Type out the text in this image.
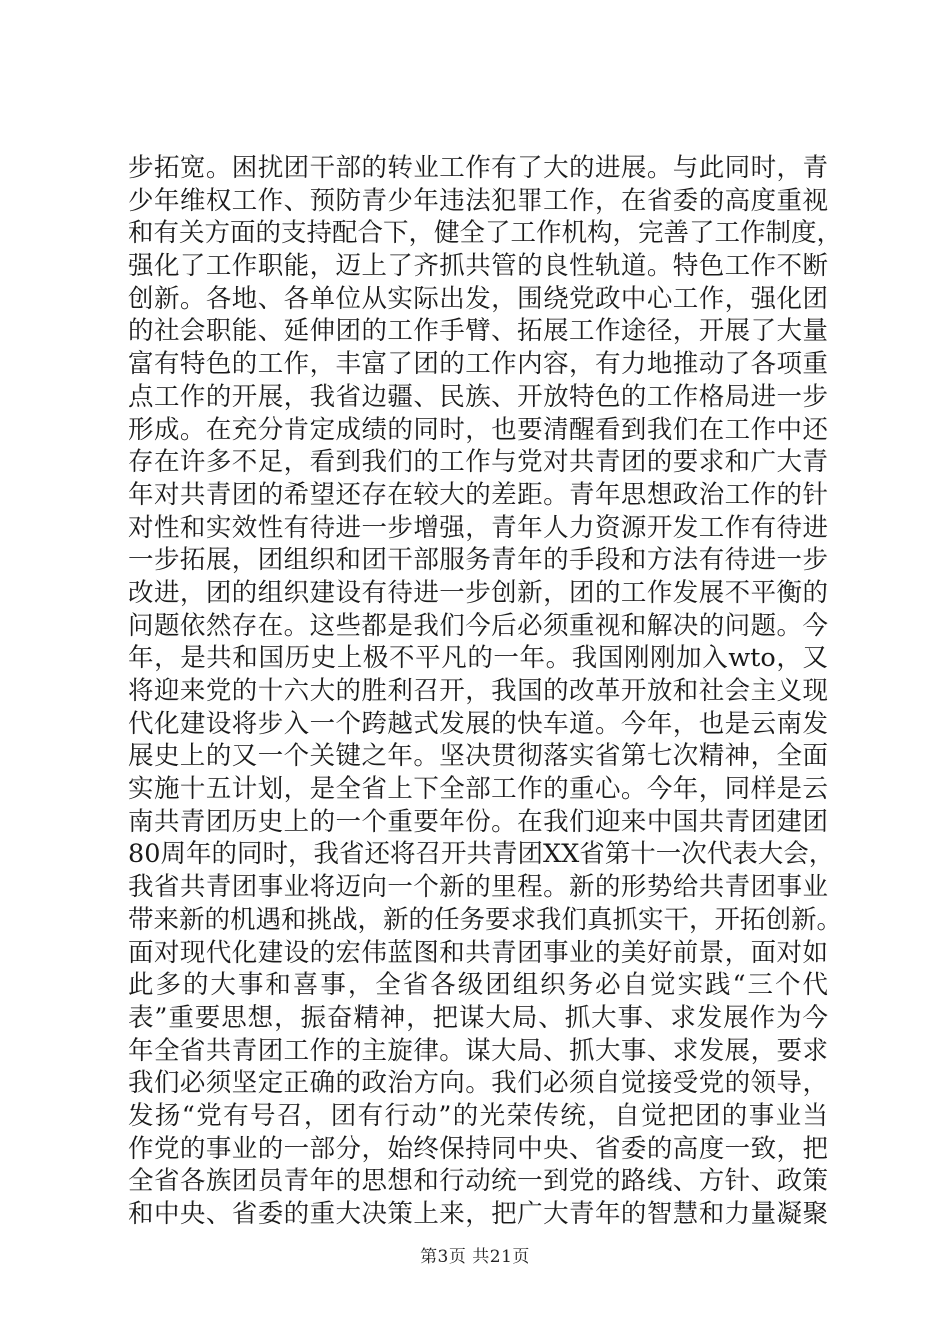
步拓宽。困扰团干部的转业工作有了大的进展。与此同时，青
少年维权工作、预防青少年违法犯罪工作，在省委的高度重视
和有关方面的支持配合下，健全了工作机构，完善了工作制度，
强化了工作职能，迈上了齐抓共管的良性轨道。特色工作不断
创新。各地、各单位从实际出发，围绕党政中心工作，强化团
的社会职能、延伸团的工作手臂、拓展工作途径，开展了大量
富有特色的工作，丰富了团的工作内容，有力地推动了各项重
点工作的开展，我省边疆、民族、开放特色的工作格局进一步
形成。在充分肯定成绩的同时，也要清醒看到我们在工作中还
存在许多不足，看到我们的工作与党对共青团的要求和广大青
年对共青团的希望还存在较大的差距。青年思想政治工作的针
对性和实效性有待进一步增强，青年人力资源开发工作有待进
一步拓展，团组织和团干部服务青年的手段和方法有待进一步
改进，团的组织建设有待进一步创新，团的工作发展不平衡的
问题依然存在。这些都是我们今后必须重视和解决的问题。今
年，是共和国历史上极不平凡的一年。我国刚刚加入wto，又
将迎来党的十六大的胜利召开，我国的改革开放和社会主义现
代化建设将步入一个跨越式发展的快车道。今年，也是云南发
展史上的又一个关键之年。坚决贯彻落实省第七次精神，全面
实施十五计划，是全省上下全部工作的重心。今年，同样是云
南共青团历史上的一个重要年份。在我们迎来中国共青团建团
80周年的同时，我省还将召开共青团XX省第十一次代表大会，
我省共青团事业将迈向一个新的里程。新的形势给共青团事业
带来新的机遇和挑战，新的任务要求我们真抓实干，开拓创新。
面对现代化建设的宏伟蓝图和共青团事业的美好前景，面对如
此多的大事和喜事，全省各级团组织务必自觉实践“三个代
表”重要思想，振奋精神，把谋大局、抓大事、求发展作为今
年全省共青团工作的主旋律。谋大局、抓大事、求发展，要求
我们必须坚定正确的政治方向。我们必须自觉接受党的领导，
发扬“党有号召，团有行动”的光荣传统，自觉把团的事业当
作党的事业的一部分，始终保持同中央、省委的高度一致，把
全省各族团员青年的思想和行动统一到党的路线、方针、政策
和中央、省委的重大决策上来，把广大青年的智慧和力量凝聚
第3页 共21页
